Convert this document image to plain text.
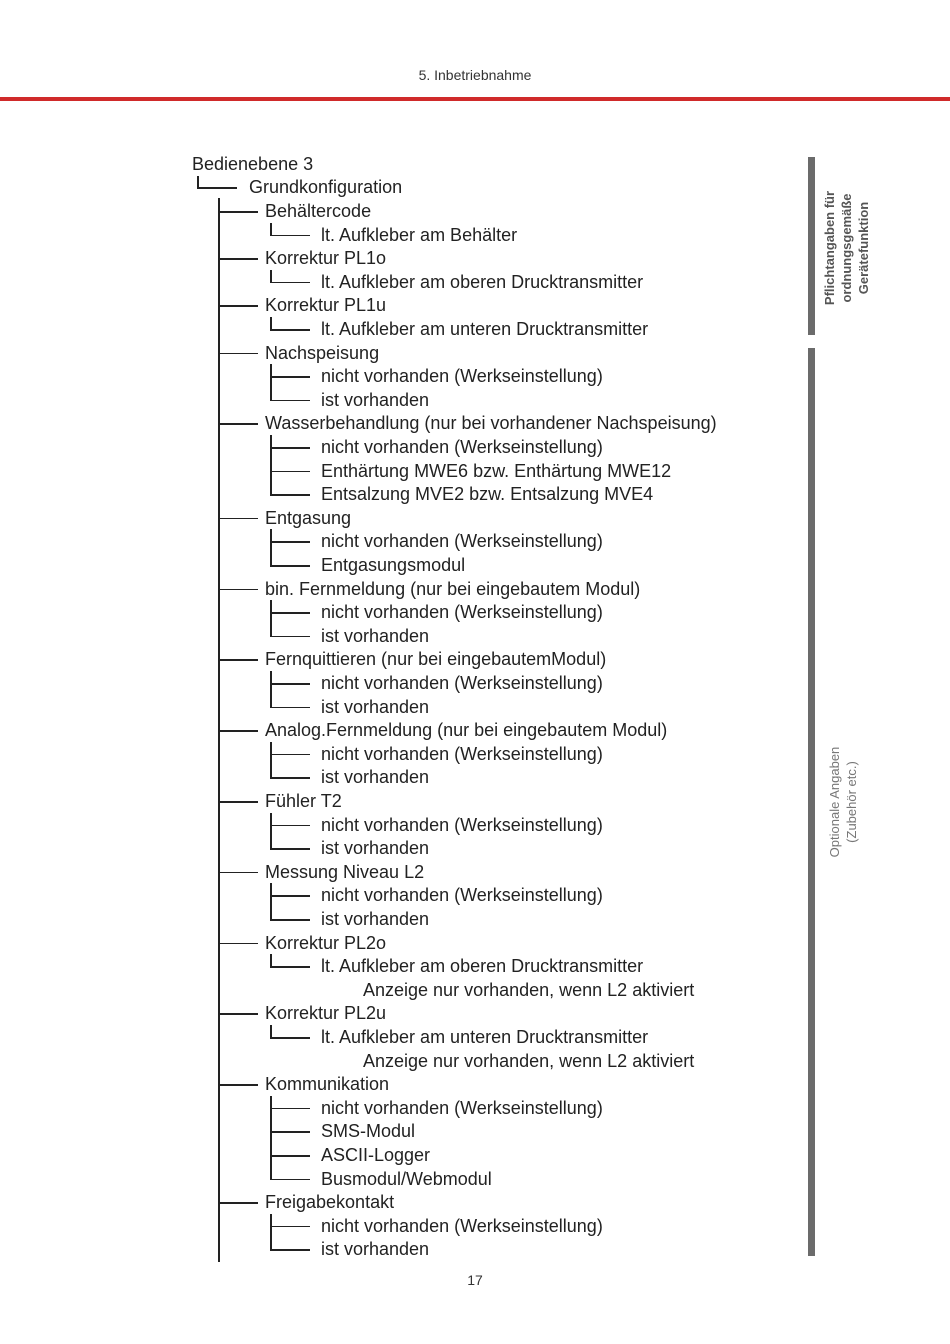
5. Inbetriebnahme
Bedienebene 3
Grundkonfiguration
Behältercode
lt. Aufkleber am Behälter
Korrektur PL1o
lt. Aufkleber am oberen Drucktransmitter
Korrektur PL1u
lt. Aufkleber am unteren Drucktransmitter
Nachspeisung
nicht vorhanden (Werkseinstellung)
ist vorhanden
Wasserbehandlung (nur bei vorhandener Nachspeisung)
nicht vorhanden (Werkseinstellung)
Enthärtung MWE6 bzw. Enthärtung MWE12
Entsalzung MVE2 bzw. Entsalzung MVE4
Entgasung
nicht vorhanden (Werkseinstellung)
Entgasungsmodul
bin. Fernmeldung (nur bei eingebautem Modul)
nicht vorhanden (Werkseinstellung)
ist vorhanden
Fernquittieren (nur bei eingebautemModul)
nicht vorhanden (Werkseinstellung)
ist vorhanden
Analog.Fernmeldung (nur bei eingebautem Modul)
nicht vorhanden (Werkseinstellung)
ist vorhanden
Fühler T2
nicht vorhanden (Werkseinstellung)
ist vorhanden
Messung Niveau L2
nicht vorhanden (Werkseinstellung)
ist vorhanden
Korrektur PL2o
lt. Aufkleber am oberen Drucktransmitter
Anzeige nur vorhanden, wenn L2 aktiviert
Korrektur PL2u
lt. Aufkleber am unteren Drucktransmitter
Anzeige nur vorhanden, wenn L2 aktiviert
Kommunikation
nicht vorhanden (Werkseinstellung)
SMS-Modul
ASCII-Logger
Busmodul/Webmodul
Freigabekontakt
nicht vorhanden (Werkseinstellung)
ist vorhanden
Pflichtangaben für ordnungsgemäße Gerätefunktion
Optionale Angaben (Zubehör etc.)
17
